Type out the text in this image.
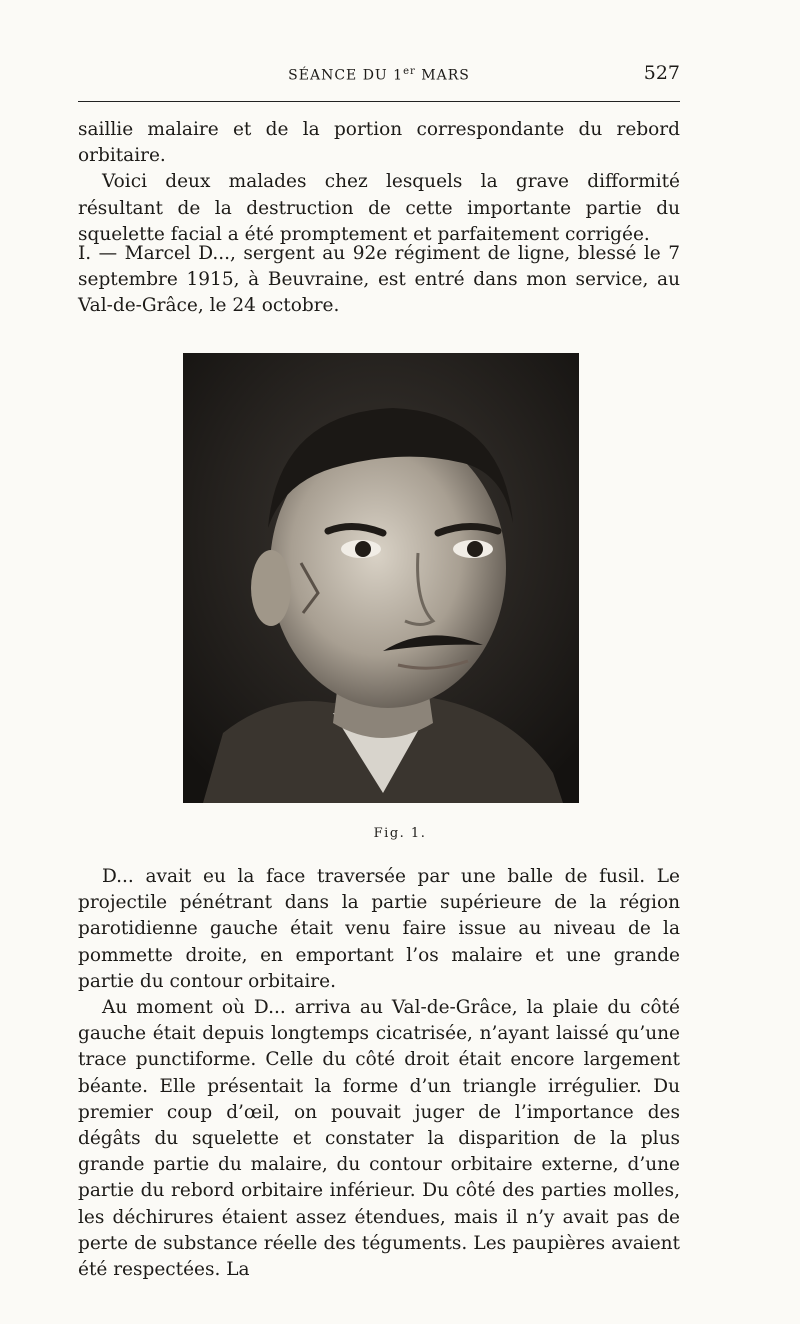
SÉANCE DU 1er MARS	527

saillie malaire et de la portion correspondante du rebord orbitaire.

Voici deux malades chez lesquels la grave difformité résultant de la destruction de cette importante partie du squelette facial a été promptement et parfaitement corrigée.

I. — Marcel D..., sergent au 92e régiment de ligne, blessé le 7 septembre 1915, à Beuvraine, est entré dans mon service, au Val-de-Grâce, le 24 octobre.

Fig. 1.

D... avait eu la face traversée par une balle de fusil. Le projectile pénétrant dans la partie supérieure de la région parotidienne gauche était venu faire issue au niveau de la pommette droite, en emportant l’os malaire et une grande partie du contour orbitaire.

Au moment où D... arriva au Val-de-Grâce, la plaie du côté gauche était depuis longtemps cicatrisée, n’ayant laissé qu’une trace punctiforme. Celle du côté droit était encore largement béante. Elle présentait la forme d’un triangle irrégulier. Du premier coup d’œil, on pouvait juger de l’importance des dégâts du squelette et constater la disparition de la plus grande partie du malaire, du contour orbitaire externe, d’une partie du rebord orbitaire inférieur. Du côté des parties molles, les déchirures étaient assez étendues, mais il n’y avait pas de perte de substance réelle des téguments. Les paupières avaient été respectées. La
